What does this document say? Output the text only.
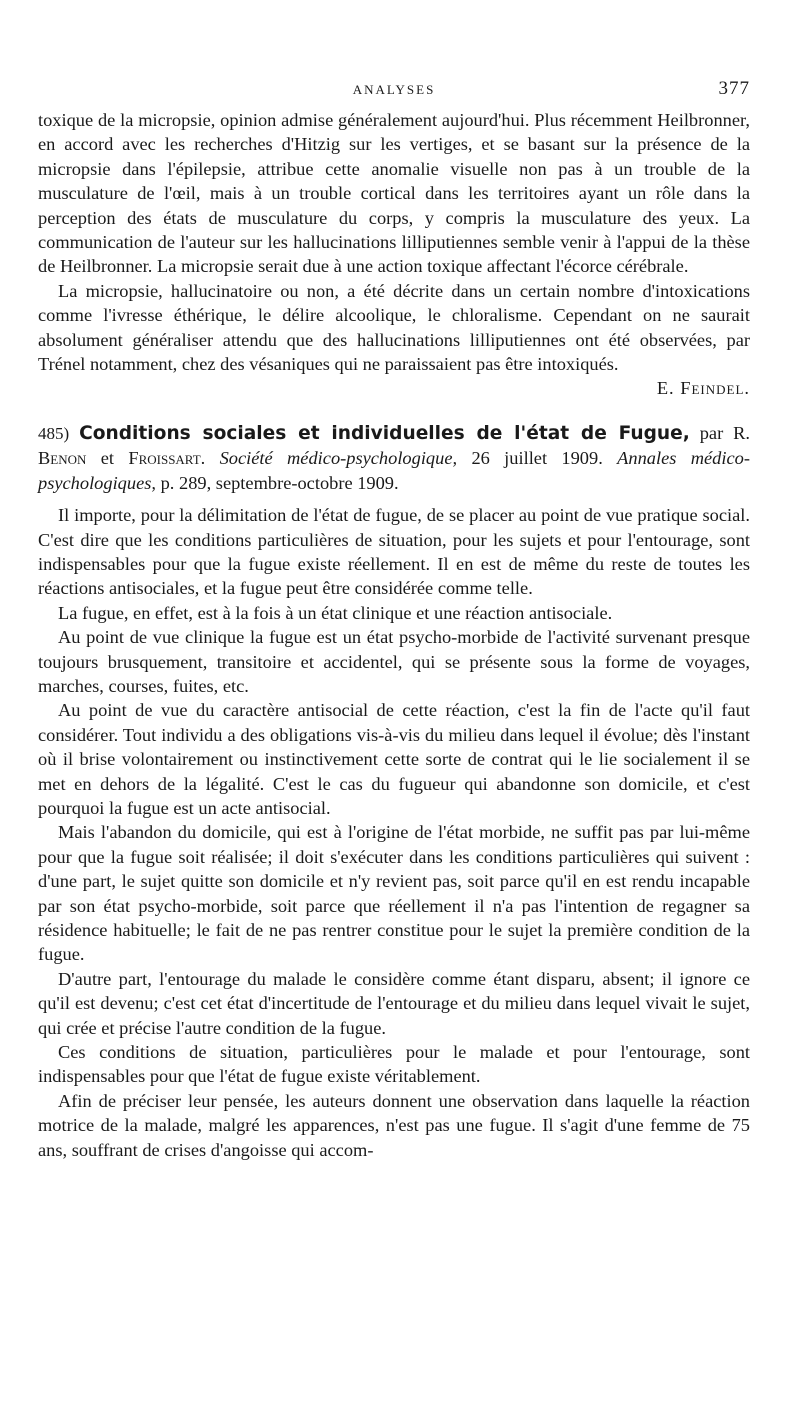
ANALYSES	377

toxique de la micropsie, opinion admise généralement aujourd'hui. Plus récemment Heilbronner, en accord avec les recherches d'Hitzig sur les vertiges, et se basant sur la présence de la micropsie dans l'épilepsie, attribue cette anomalie visuelle non pas à un trouble de la musculature de l'œil, mais à un trouble cortical dans les territoires ayant un rôle dans la perception des états de musculature du corps, y compris la musculature des yeux. La communication de l'auteur sur les hallucinations lilliputiennes semble venir à l'appui de la thèse de Heilbronner. La micropsie serait due à une action toxique affectant l'écorce cérébrale.

La micropsie, hallucinatoire ou non, a été décrite dans un certain nombre d'intoxications comme l'ivresse éthérique, le délire alcoolique, le chloralisme. Cependant on ne saurait absolument généraliser attendu que des hallucinations lilliputiennes ont été observées, par Trénel notamment, chez des vésaniques qui ne paraissaient pas être intoxiqués.

E. Feindel.

485) Conditions sociales et individuelles de l'état de Fugue, par R. Benon et Froissart. Société médico-psychologique, 26 juillet 1909. Annales médico-psychologiques, p. 289, septembre-octobre 1909.

Il importe, pour la délimitation de l'état de fugue, de se placer au point de vue pratique social. C'est dire que les conditions particulières de situation, pour les sujets et pour l'entourage, sont indispensables pour que la fugue existe réellement. Il en est de même du reste de toutes les réactions antisociales, et la fugue peut être considérée comme telle.

La fugue, en effet, est à la fois à un état clinique et une réaction antisociale.

Au point de vue clinique la fugue est un état psycho-morbide de l'activité survenant presque toujours brusquement, transitoire et accidentel, qui se présente sous la forme de voyages, marches, courses, fuites, etc.

Au point de vue du caractère antisocial de cette réaction, c'est la fin de l'acte qu'il faut considérer. Tout individu a des obligations vis-à-vis du milieu dans lequel il évolue; dès l'instant où il brise volontairement ou instinctivement cette sorte de contrat qui le lie socialement il se met en dehors de la légalité. C'est le cas du fugueur qui abandonne son domicile, et c'est pourquoi la fugue est un acte antisocial.

Mais l'abandon du domicile, qui est à l'origine de l'état morbide, ne suffit pas par lui-même pour que la fugue soit réalisée; il doit s'exécuter dans les conditions particulières qui suivent : d'une part, le sujet quitte son domicile et n'y revient pas, soit parce qu'il en est rendu incapable par son état psycho-morbide, soit parce que réellement il n'a pas l'intention de regagner sa résidence habituelle; le fait de ne pas rentrer constitue pour le sujet la première condition de la fugue.

D'autre part, l'entourage du malade le considère comme étant disparu, absent; il ignore ce qu'il est devenu; c'est cet état d'incertitude de l'entourage et du milieu dans lequel vivait le sujet, qui crée et précise l'autre condition de la fugue.

Ces conditions de situation, particulières pour le malade et pour l'entourage, sont indispensables pour que l'état de fugue existe véritablement.

Afin de préciser leur pensée, les auteurs donnent une observation dans laquelle la réaction motrice de la malade, malgré les apparences, n'est pas une fugue. Il s'agit d'une femme de 75 ans, souffrant de crises d'angoisse qui accom-
